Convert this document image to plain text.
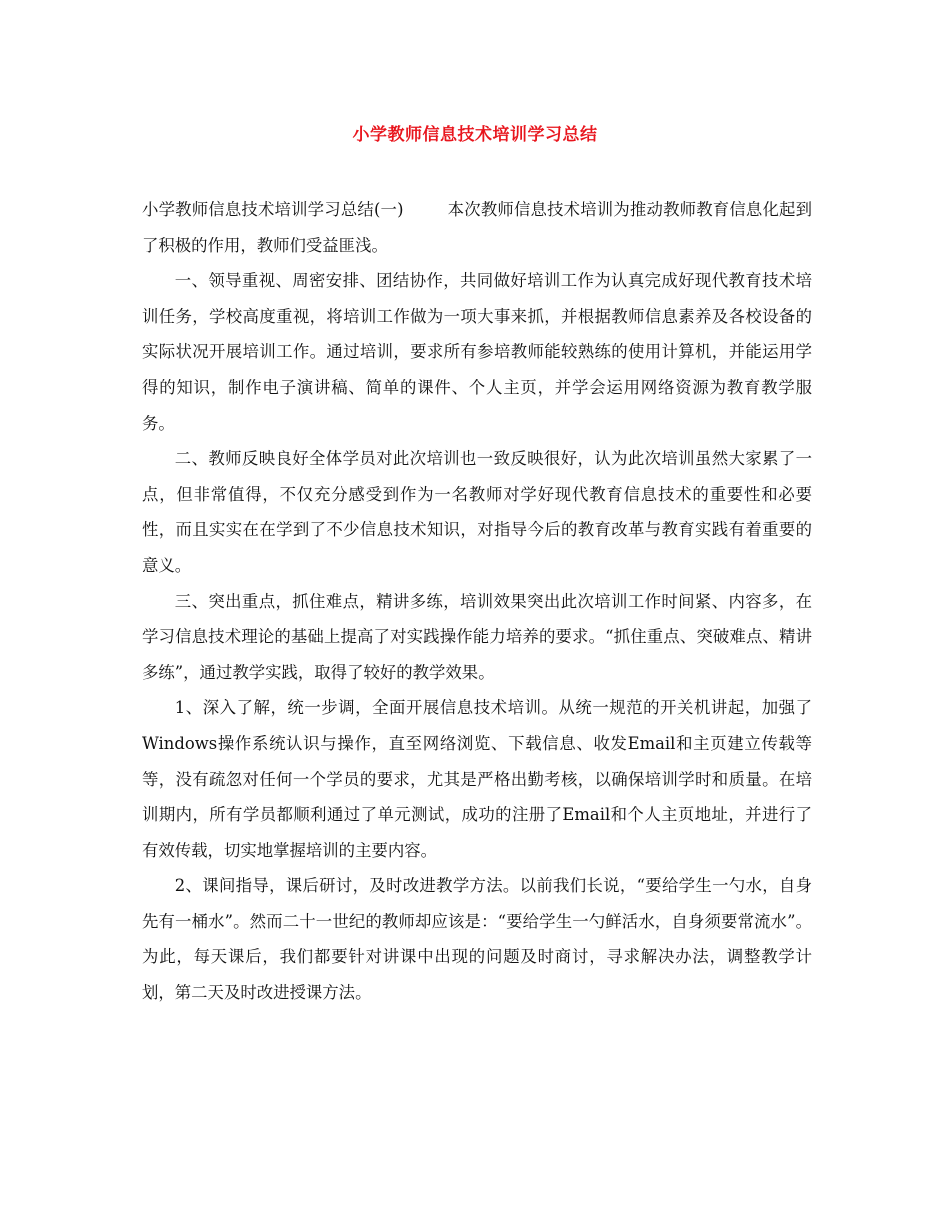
小学教师信息技术培训学习总结

小学教师信息技术培训学习总结(一)	本次教师信息技术培训为推动教师教育信息化起到了积极的作用，教师们受益匪浅。

一、领导重视、周密安排、团结协作，共同做好培训工作为认真完成好现代教育技术培训任务，学校高度重视，将培训工作做为一项大事来抓，并根据教师信息素养及各校设备的实际状况开展培训工作。通过培训，要求所有参培教师能较熟练的使用计算机，并能运用学得的知识，制作电子演讲稿、简单的课件、个人主页，并学会运用网络资源为教育教学服务。

二、教师反映良好全体学员对此次培训也一致反映很好，认为此次培训虽然大家累了一点，但非常值得，不仅充分感受到作为一名教师对学好现代教育信息技术的重要性和必要性，而且实实在在学到了不少信息技术知识，对指导今后的教育改革与教育实践有着重要的意义。

三、突出重点，抓住难点，精讲多练，培训效果突出此次培训工作时间紧、内容多，在学习信息技术理论的基础上提高了对实践操作能力培养的要求。“抓住重点、突破难点、精讲多练”，通过教学实践，取得了较好的教学效果。

1、深入了解，统一步调，全面开展信息技术培训。从统一规范的开关机讲起，加强了Windows操作系统认识与操作，直至网络浏览、下载信息、收发Email和主页建立传载等等，没有疏忽对任何一个学员的要求，尤其是严格出勤考核，以确保培训学时和质量。在培训期内，所有学员都顺利通过了单元测试，成功的注册了Email和个人主页地址，并进行了有效传载，切实地掌握培训的主要内容。

2、课间指导，课后研讨，及时改进教学方法。以前我们长说，“要给学生一勺水，自身先有一桶水”。然而二十一世纪的教师却应该是：“要给学生一勺鲜活水，自身须要常流水”。为此，每天课后，我们都要针对讲课中出现的问题及时商讨，寻求解决办法，调整教学计划，第二天及时改进授课方法。
